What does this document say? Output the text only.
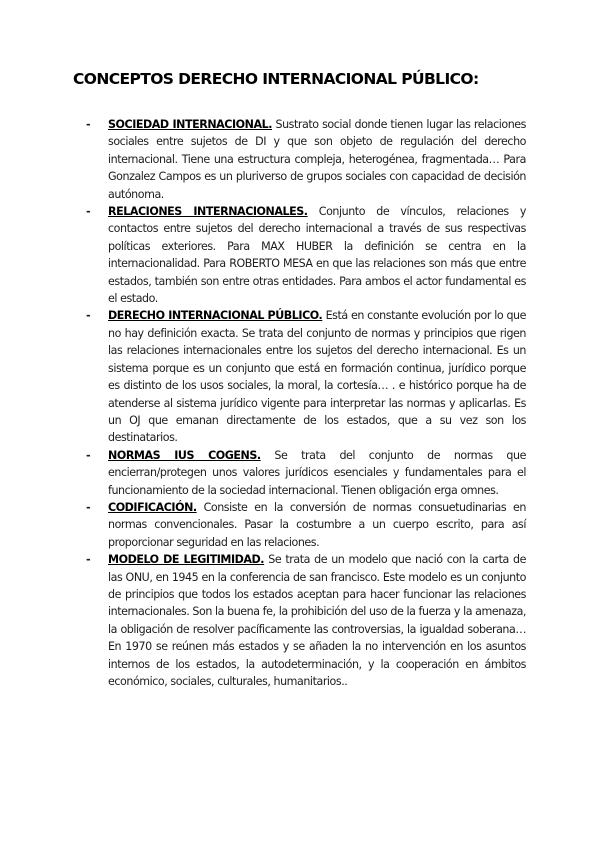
CONCEPTOS DERECHO INTERNACIONAL PÚBLICO:
- SOCIEDAD INTERNACIONAL. Sustrato social donde tienen lugar las relaciones sociales entre sujetos de DI y que son objeto de regulación del derecho internacional. Tiene una estructura compleja, heterogénea, fragmentada… Para Gonzalez Campos es un pluriverso de grupos sociales con capacidad de decisión autónoma.
- RELACIONES INTERNACIONALES. Conjunto de vínculos, relaciones y contactos entre sujetos del derecho internacional a través de sus respectivas políticas exteriores. Para MAX HUBER la definición se centra en la internacionalidad. Para ROBERTO MESA en que las relaciones son más que entre estados, también son entre otras entidades. Para ambos el actor fundamental es el estado.
- DERECHO INTERNACIONAL PÚBLICO. Está en constante evolución por lo que no hay definición exacta. Se trata del conjunto de normas y principios que rigen las relaciones internacionales entre los sujetos del derecho internacional. Es un sistema porque es un conjunto que está en formación continua, jurídico porque es distinto de los usos sociales, la moral, la cortesía… . e histórico porque ha de atenderse al sistema jurídico vigente para interpretar las normas y aplicarlas. Es un OJ que emanan directamente de los estados, que a su vez son los destinatarios.
- NORMAS IUS COGENS. Se trata del conjunto de normas que encierran/protegen unos valores jurídicos esenciales y fundamentales para el funcionamiento de la sociedad internacional. Tienen obligación erga omnes.
- CODIFICACIÓN. Consiste en la conversión de normas consuetudinarias en normas convencionales. Pasar la costumbre a un cuerpo escrito, para así proporcionar seguridad en las relaciones.
- MODELO DE LEGITIMIDAD. Se trata de un modelo que nació con la carta de las ONU, en 1945 en la conferencia de san francisco. Este modelo es un conjunto de principios que todos los estados aceptan para hacer funcionar las relaciones internacionales. Son la buena fe, la prohibición del uso de la fuerza y la amenaza, la obligación de resolver pacíficamente las controversias, la igualdad soberana… En 1970 se reúnen más estados y se añaden la no intervención en los asuntos internos de los estados, la autodeterminación, y la cooperación en ámbitos económico, sociales, culturales, humanitarios..
